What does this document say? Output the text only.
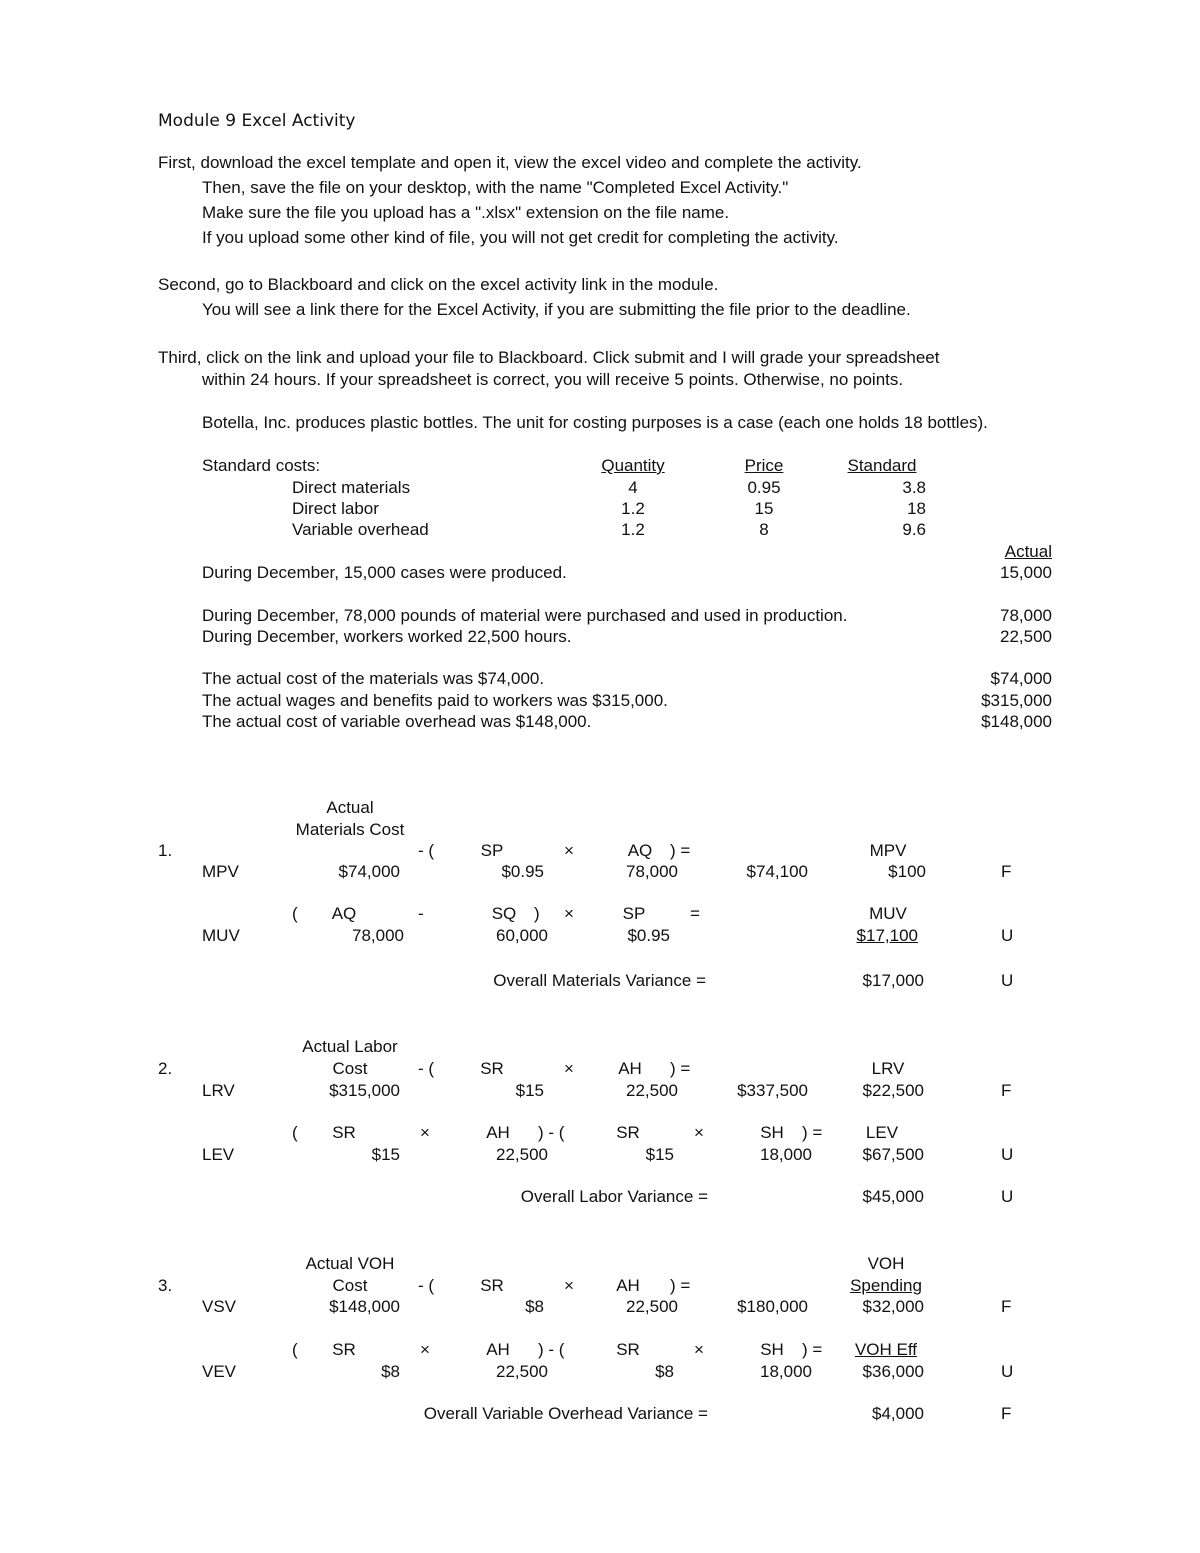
Module 9 Excel Activity
First, download the excel template and open it, view the excel video and complete the activity.
Then, save the file on your desktop, with the name "Completed Excel Activity."
Make sure the file you upload has a ".xlsx" extension on the file name.
If you upload some other kind of file, you will not get credit for completing the activity.
Second, go to Blackboard and click on the excel activity link in the module.
You will see a link there for the Excel Activity, if you are submitting the file prior to the deadline.
Third, click on the link and upload your file to Blackboard. Click submit and I will grade your spreadsheet
within 24 hours. If your spreadsheet is correct, you will receive 5 points. Otherwise, no points.
Botella, Inc. produces plastic bottles. The unit for costing purposes is a case (each one holds 18 bottles).
Standard costs:	Quantity	Price	Standard
Direct materials	4	0.95	3.8
Direct labor	1.2	15	18
Variable overhead	1.2	8	9.6
Actual
During December, 15,000 cases were produced.	15,000
During December, 78,000 pounds of material were purchased and used in production.	78,000
During December, workers worked 22,500 hours.	22,500
The actual cost of the materials was $74,000.	$74,000
The actual wages and benefits paid to workers was $315,000.	$315,000
The actual cost of variable overhead was $148,000.	$148,000
Actual
Materials Cost
1.	- (	SP	×	AQ	) =	MPV
MPV	$74,000	$0.95	78,000	$74,100	$100	F
(	AQ	-	SQ	) ×	SP	=	MUV
MUV	78,000	60,000	$0.95	$17,100	U
Overall Materials Variance =	$17,000	U
Actual Labor
Cost
2.	- (	SR	×	AH	) =	LRV
LRV	$315,000	$15	22,500	$337,500	$22,500	F
(	SR	×	AH	) - (	SR	×	SH	) =	LEV
LEV	$15	22,500	$15	18,000	$67,500	U
Overall Labor Variance =	$45,000	U
Actual VOH
Cost
VOH
3.	- (	SR	×	AH	) =	Spending
VSV	$148,000	$8	22,500	$180,000	$32,000	F
(	SR	×	AH	) - (	SR	×	SH	) =	VOH Eff
VEV	$8	22,500	$8	18,000	$36,000	U
Overall Variable Overhead Variance =	$4,000	F
